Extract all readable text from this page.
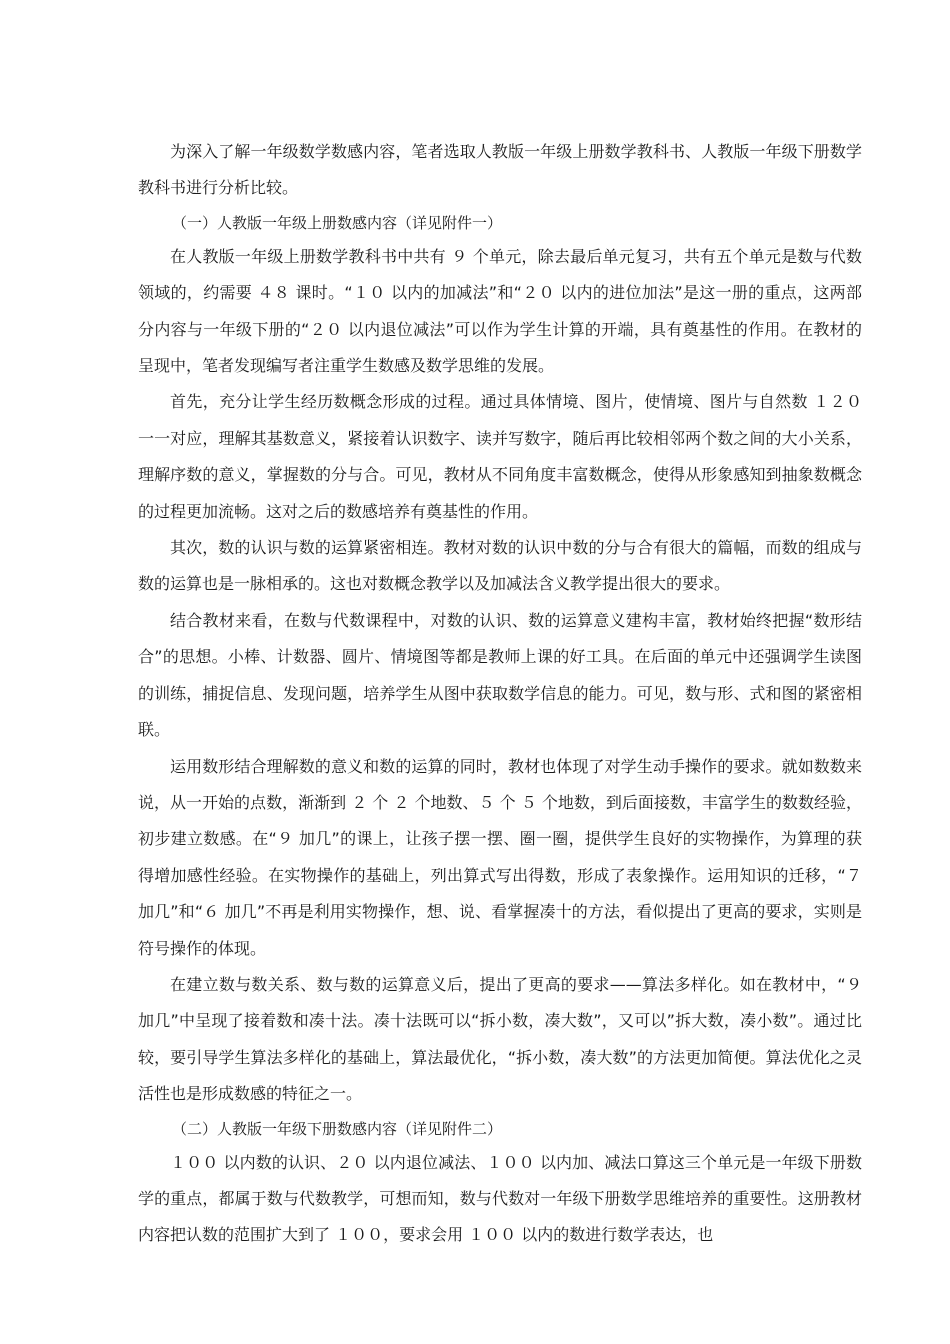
为深入了解一年级数学数感内容，笔者选取人教版一年级上册数学教科书、人教版一年级下册数学教科书进行分析比较。

（一）人教版一年级上册数感内容（详见附件一）

在人教版一年级上册数学教科书中共有 ９ 个单元，除去最后单元复习，共有五个单元是数与代数领域的，约需要 ４８ 课时。“１０ 以内的加减法”和“２０ 以内的进位加法”是这一册的重点，这两部分内容与一年级下册的“２０ 以内退位减法”可以作为学生计算的开端，具有奠基性的作用。在教材的呈现中，笔者发现编写者注重学生数感及数学思维的发展。

首先，充分让学生经历数概念形成的过程。通过具体情境、图片，使情境、图片与自然数 １２０ 一一对应，理解其基数意义，紧接着认识数字、读并写数字，随后再比较相邻两个数之间的大小关系，理解序数的意义，掌握数的分与合。可见，教材从不同角度丰富数概念，使得从形象感知到抽象数概念的过程更加流畅。这对之后的数感培养有奠基性的作用。

其次，数的认识与数的运算紧密相连。教材对数的认识中数的分与合有很大的篇幅，而数的组成与数的运算也是一脉相承的。这也对数概念教学以及加减法含义教学提出很大的要求。

结合教材来看，在数与代数课程中，对数的认识、数的运算意义建构丰富，教材始终把握“数形结合”的思想。小棒、计数器、圆片、情境图等都是教师上课的好工具。在后面的单元中还强调学生读图的训练，捕捉信息、发现问题，培养学生从图中获取数学信息的能力。可见，数与形、式和图的紧密相联。

运用数形结合理解数的意义和数的运算的同时，教材也体现了对学生动手操作的要求。就如数数来说，从一开始的点数，渐渐到 ２ 个 ２ 个地数、５ 个 ５ 个地数，到后面接数，丰富学生的数数经验，初步建立数感。在“９ 加几”的课上，让孩子摆一摆、圈一圈，提供学生良好的实物操作，为算理的获得增加感性经验。在实物操作的基础上，列出算式写出得数，形成了表象操作。运用知识的迁移，“７ 加几”和“６ 加几”不再是利用实物操作，想、说、看掌握凑十的方法，看似提出了更高的要求，实则是符号操作的体现。

在建立数与数关系、数与数的运算意义后，提出了更高的要求——算法多样化。如在教材中，“９ 加几”中呈现了接着数和凑十法。凑十法既可以“拆小数，凑大数”，又可以”拆大数，凑小数”。通过比较，要引导学生算法多样化的基础上，算法最优化，“拆小数，凑大数”的方法更加简便。算法优化之灵活性也是形成数感的特征之一。

（二）人教版一年级下册数感内容（详见附件二）

１００ 以内数的认识、２０ 以内退位减法、１００ 以内加、减法口算这三个单元是一年级下册数学的重点，都属于数与代数教学，可想而知，数与代数对一年级下册数学思维培养的重要性。这册教材内容把认数的范围扩大到了 １００，要求会用 １００ 以内的数进行数学表达，也
